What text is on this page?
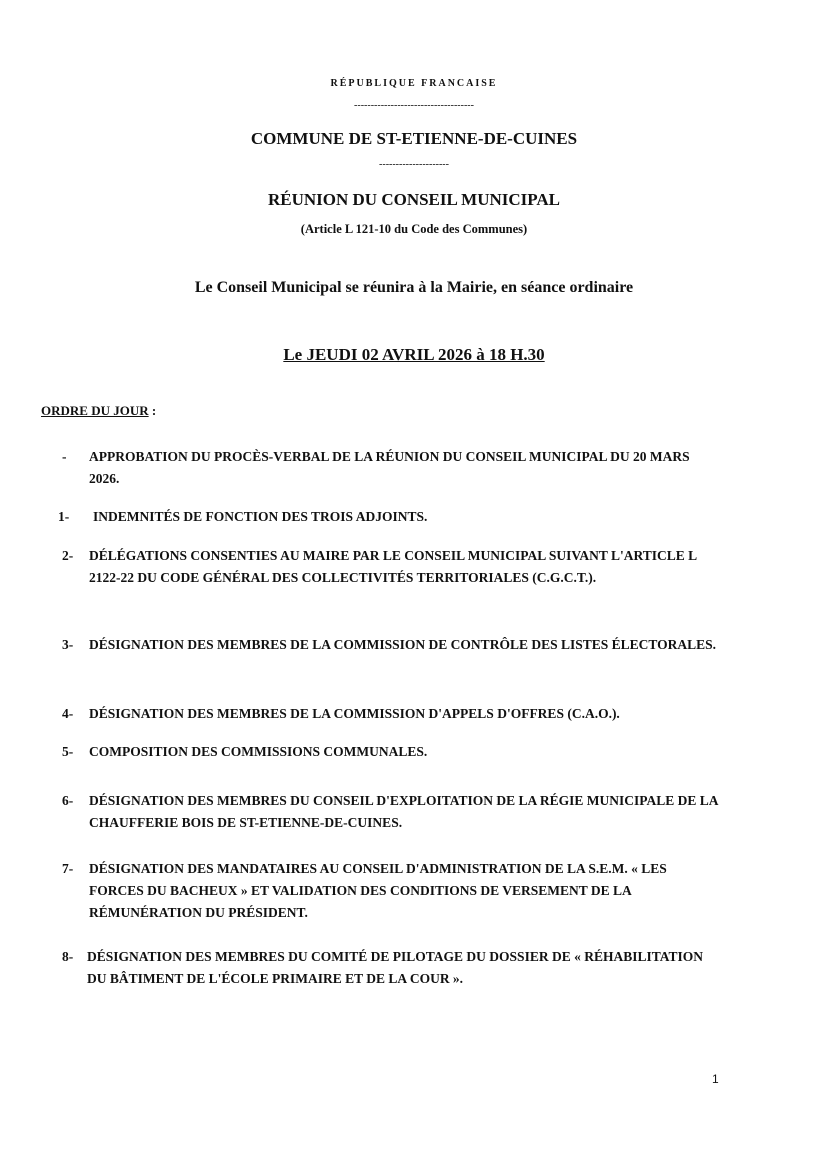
RÉPUBLIQUE FRANCAISE
------------------------------------
COMMUNE DE ST-ETIENNE-DE-CUINES
---------------------
RÉUNION DU CONSEIL MUNICIPAL
(Article L 121-10 du Code des Communes)
Le Conseil Municipal se réunira à la Mairie, en séance ordinaire
Le JEUDI 02 AVRIL 2026 à 18 H.30
ORDRE DU JOUR :
-	APPROBATION DU PROCÈS-VERBAL DE LA RÉUNION DU CONSEIL MUNICIPAL DU 20 MARS 2026.
1-	INDEMNITÉS DE FONCTION DES TROIS ADJOINTS.
2-	DÉLÉGATIONS CONSENTIES AU MAIRE PAR LE CONSEIL MUNICIPAL SUIVANT L'ARTICLE L 2122-22 DU CODE GÉNÉRAL DES COLLECTIVITÉS TERRITORIALES (C.G.C.T.).
3-	DÉSIGNATION DES MEMBRES DE LA COMMISSION DE CONTRÔLE DES LISTES ÉLECTORALES.
4-	DÉSIGNATION DES MEMBRES DE LA COMMISSION D'APPELS D'OFFRES (C.A.O.).
5-	COMPOSITION DES COMMISSIONS COMMUNALES.
6-	DÉSIGNATION DES MEMBRES DU CONSEIL D'EXPLOITATION DE LA RÉGIE MUNICIPALE DE LA CHAUFFERIE BOIS DE ST-ETIENNE-DE-CUINES.
7-	DÉSIGNATION DES MANDATAIRES AU CONSEIL D'ADMINISTRATION DE LA S.E.M. « LES FORCES DU BACHEUX » ET VALIDATION DES CONDITIONS DE VERSEMENT DE LA RÉMUNÉRATION DU PRÉSIDENT.
8-	DÉSIGNATION DES MEMBRES DU COMITÉ DE PILOTAGE DU DOSSIER DE « RÉHABILITATION DU BÂTIMENT DE L'ÉCOLE PRIMAIRE ET DE LA COUR ».
1
